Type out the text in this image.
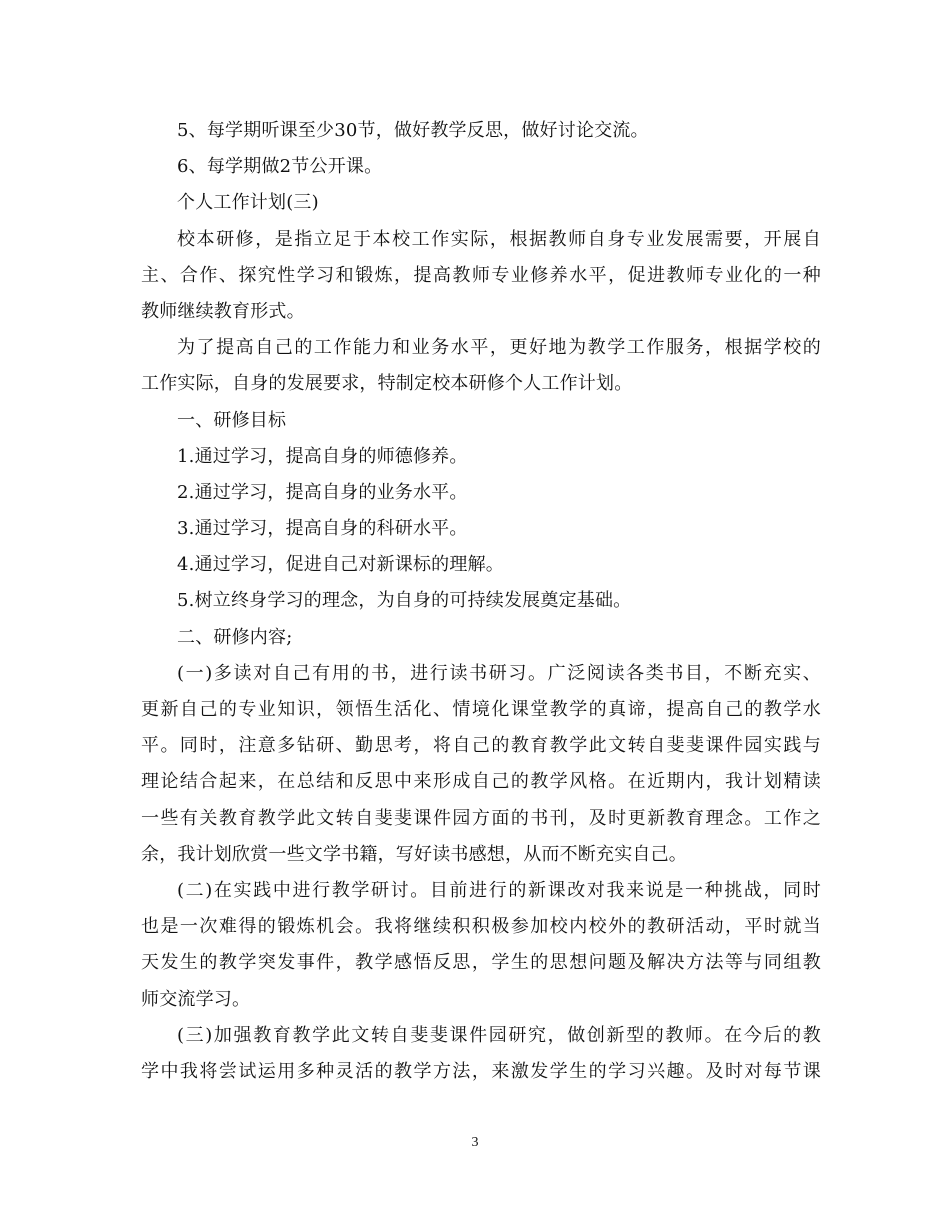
5、每学期听课至少30节，做好教学反思，做好讨论交流。
6、每学期做2节公开课。
个人工作计划(三)
校本研修，是指立足于本校工作实际，根据教师自身专业发展需要，开展自
主、合作、探究性学习和锻炼，提高教师专业修养水平，促进教师专业化的一种
教师继续教育形式。
为了提高自己的工作能力和业务水平，更好地为教学工作服务，根据学校的
工作实际，自身的发展要求，特制定校本研修个人工作计划。
一、研修目标
1.通过学习，提高自身的师德修养。
2.通过学习，提高自身的业务水平。
3.通过学习，提高自身的科研水平。
4.通过学习，促进自己对新课标的理解。
5.树立终身学习的理念，为自身的可持续发展奠定基础。
二、研修内容;
(一)多读对自己有用的书，进行读书研习。广泛阅读各类书目，不断充实、
更新自己的专业知识，领悟生活化、情境化课堂教学的真谛，提高自己的教学水
平。同时，注意多钻研、勤思考，将自己的教育教学此文转自斐斐课件园实践与
理论结合起来，在总结和反思中来形成自己的教学风格。在近期内，我计划精读
一些有关教育教学此文转自斐斐课件园方面的书刊，及时更新教育理念。工作之
余，我计划欣赏一些文学书籍，写好读书感想，从而不断充实自己。
(二)在实践中进行教学研讨。目前进行的新课改对我来说是一种挑战，同时
也是一次难得的锻炼机会。我将继续积积极参加校内校外的教研活动，平时就当
天发生的教学突发事件，教学感悟反思，学生的思想问题及解决方法等与同组教
师交流学习。
(三)加强教育教学此文转自斐斐课件园研究，做创新型的教师。在今后的教
学中我将尝试运用多种灵活的教学方法，来激发学生的学习兴趣。及时对每节课
3
